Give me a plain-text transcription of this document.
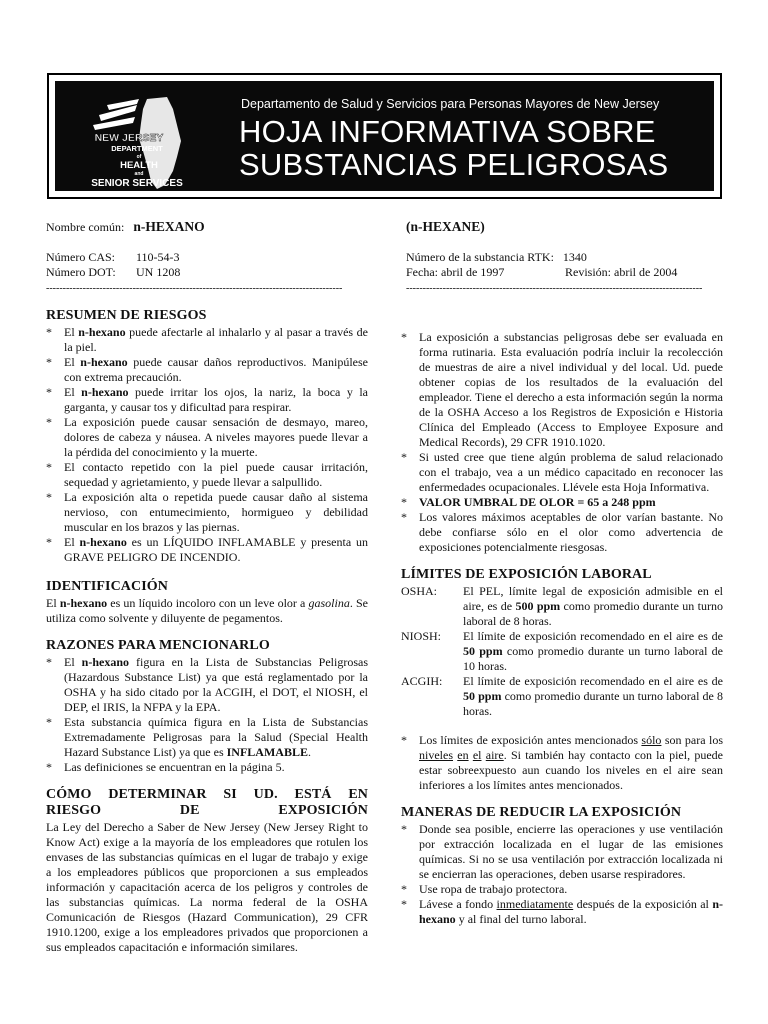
NEW JERSEY
DEPARTMENT
of
HEALTH
and
SENIOR SERVICES
Departamento de Salud y Servicios para Personas Mayores de New Jersey
HOJA INFORMATIVA SOBRE
SUBSTANCIAS PELIGROSAS
Nombre común: n-HEXANO	(n-HEXANE)
Número CAS: 110-54-3
Número DOT: UN 1208
Número de la substancia RTK: 1340
Fecha: abril de 1997	Revisión: abril de 2004
-----------------------------------------------------------------------------------------	-----------------------------------------------------------------------------------------
RESUMEN DE RIESGOS
* El n-hexano puede afectarle al inhalarlo y al pasar a través de la piel.
* El n-hexano puede causar daños reproductivos. Manipúlese con extrema precaución.
* El n-hexano puede irritar los ojos, la nariz, la boca y la garganta, y causar tos y dificultad para respirar.
* La exposición puede causar sensación de desmayo, mareo, dolores de cabeza y náusea. A niveles mayores puede llevar a la pérdida del conocimiento y la muerte.
* El contacto repetido con la piel puede causar irritación, sequedad y agrietamiento, y puede llevar a salpullido.
* La exposición alta o repetida puede causar daño al sistema nervioso, con entumecimiento, hormigueo y debilidad muscular en los brazos y las piernas.
* El n-hexano es un LÍQUIDO INFLAMABLE y presenta un GRAVE PELIGRO DE INCENDIO.
IDENTIFICACIÓN

El n-hexano es un líquido incoloro con un leve olor a gasolina. Se utiliza como solvente y diluyente de pegamentos.

RAZONES PARA MENCIONARLO
* El n-hexano figura en la Lista de Substancias Peligrosas (Hazardous Substance List) ya que está reglamentado por la OSHA y ha sido citado por la ACGIH, el DOT, el NIOSH, el DEP, el IRIS, la NFPA y la EPA.
* Esta substancia química figura en la Lista de Substancias Extremadamente Peligrosas para la Salud (Special Health Hazard Substance List) ya que es INFLAMABLE.
* Las definiciones se encuentran en la página 5.
CÓMO DETERMINAR SI UD. ESTÁ EN RIESGO DE EXPOSICIÓN

La Ley del Derecho a Saber de New Jersey (New Jersey Right to Know Act) exige a la mayoría de los empleadores que rotulen los envases de las substancias químicas en el lugar de trabajo y exige a los empleadores públicos que proporcionen a sus empleados información y capacitación acerca de los peligros y controles de las substancias químicas. La norma federal de la OSHA Comunicación de Riesgos (Hazard Communication), 29 CFR 1910.1200, exige a los empleadores privados que proporcionen a sus empleados capacitación e información similares.

* La exposición a substancias peligrosas debe ser evaluada en forma rutinaria. Esta evaluación podría incluir la recolección de muestras de aire a nivel individual y del local. Ud. puede obtener copias de los resultados de la evaluación del empleador. Tiene el derecho a esta información según la norma de la OSHA Acceso a los Registros de Exposición e Historia Clínica del Empleado (Access to Employee Exposure and Medical Records), 29 CFR 1910.1020.
* Si usted cree que tiene algún problema de salud relacionado con el trabajo, vea a un médico capacitado en reconocer las enfermedades ocupacionales. Llévele esta Hoja Informativa.
* VALOR UMBRAL DE OLOR = 65 a 248 ppm
* Los valores máximos aceptables de olor varían bastante. No debe confiarse sólo en el olor como advertencia de exposiciones potencialmente riesgosas.
LÍMITES DE EXPOSICIÓN LABORAL
OSHA: El PEL, límite legal de exposición admisible en el aire, es de 500 ppm como promedio durante un turno laboral de 8 horas.
NIOSH: El límite de exposición recomendado en el aire es de 50 ppm como promedio durante un turno laboral de 10 horas.
ACGIH: El límite de exposición recomendado en el aire es de 50 ppm como promedio durante un turno laboral de 8 horas.
* Los límites de exposición antes mencionados sólo son para los niveles en el aire. Si también hay contacto con la piel, puede estar sobreexpuesto aun cuando los niveles en el aire sean inferiores a los límites antes mencionados.
MANERAS DE REDUCIR LA EXPOSICIÓN
* Donde sea posible, encierre las operaciones y use ventilación por extracción localizada en el lugar de las emisiones químicas. Si no se usa ventilación por extracción localizada ni se encierran las operaciones, deben usarse respiradores.
* Use ropa de trabajo protectora.
* Lávese a fondo inmediatamente después de la exposición al n-hexano y al final del turno laboral.
